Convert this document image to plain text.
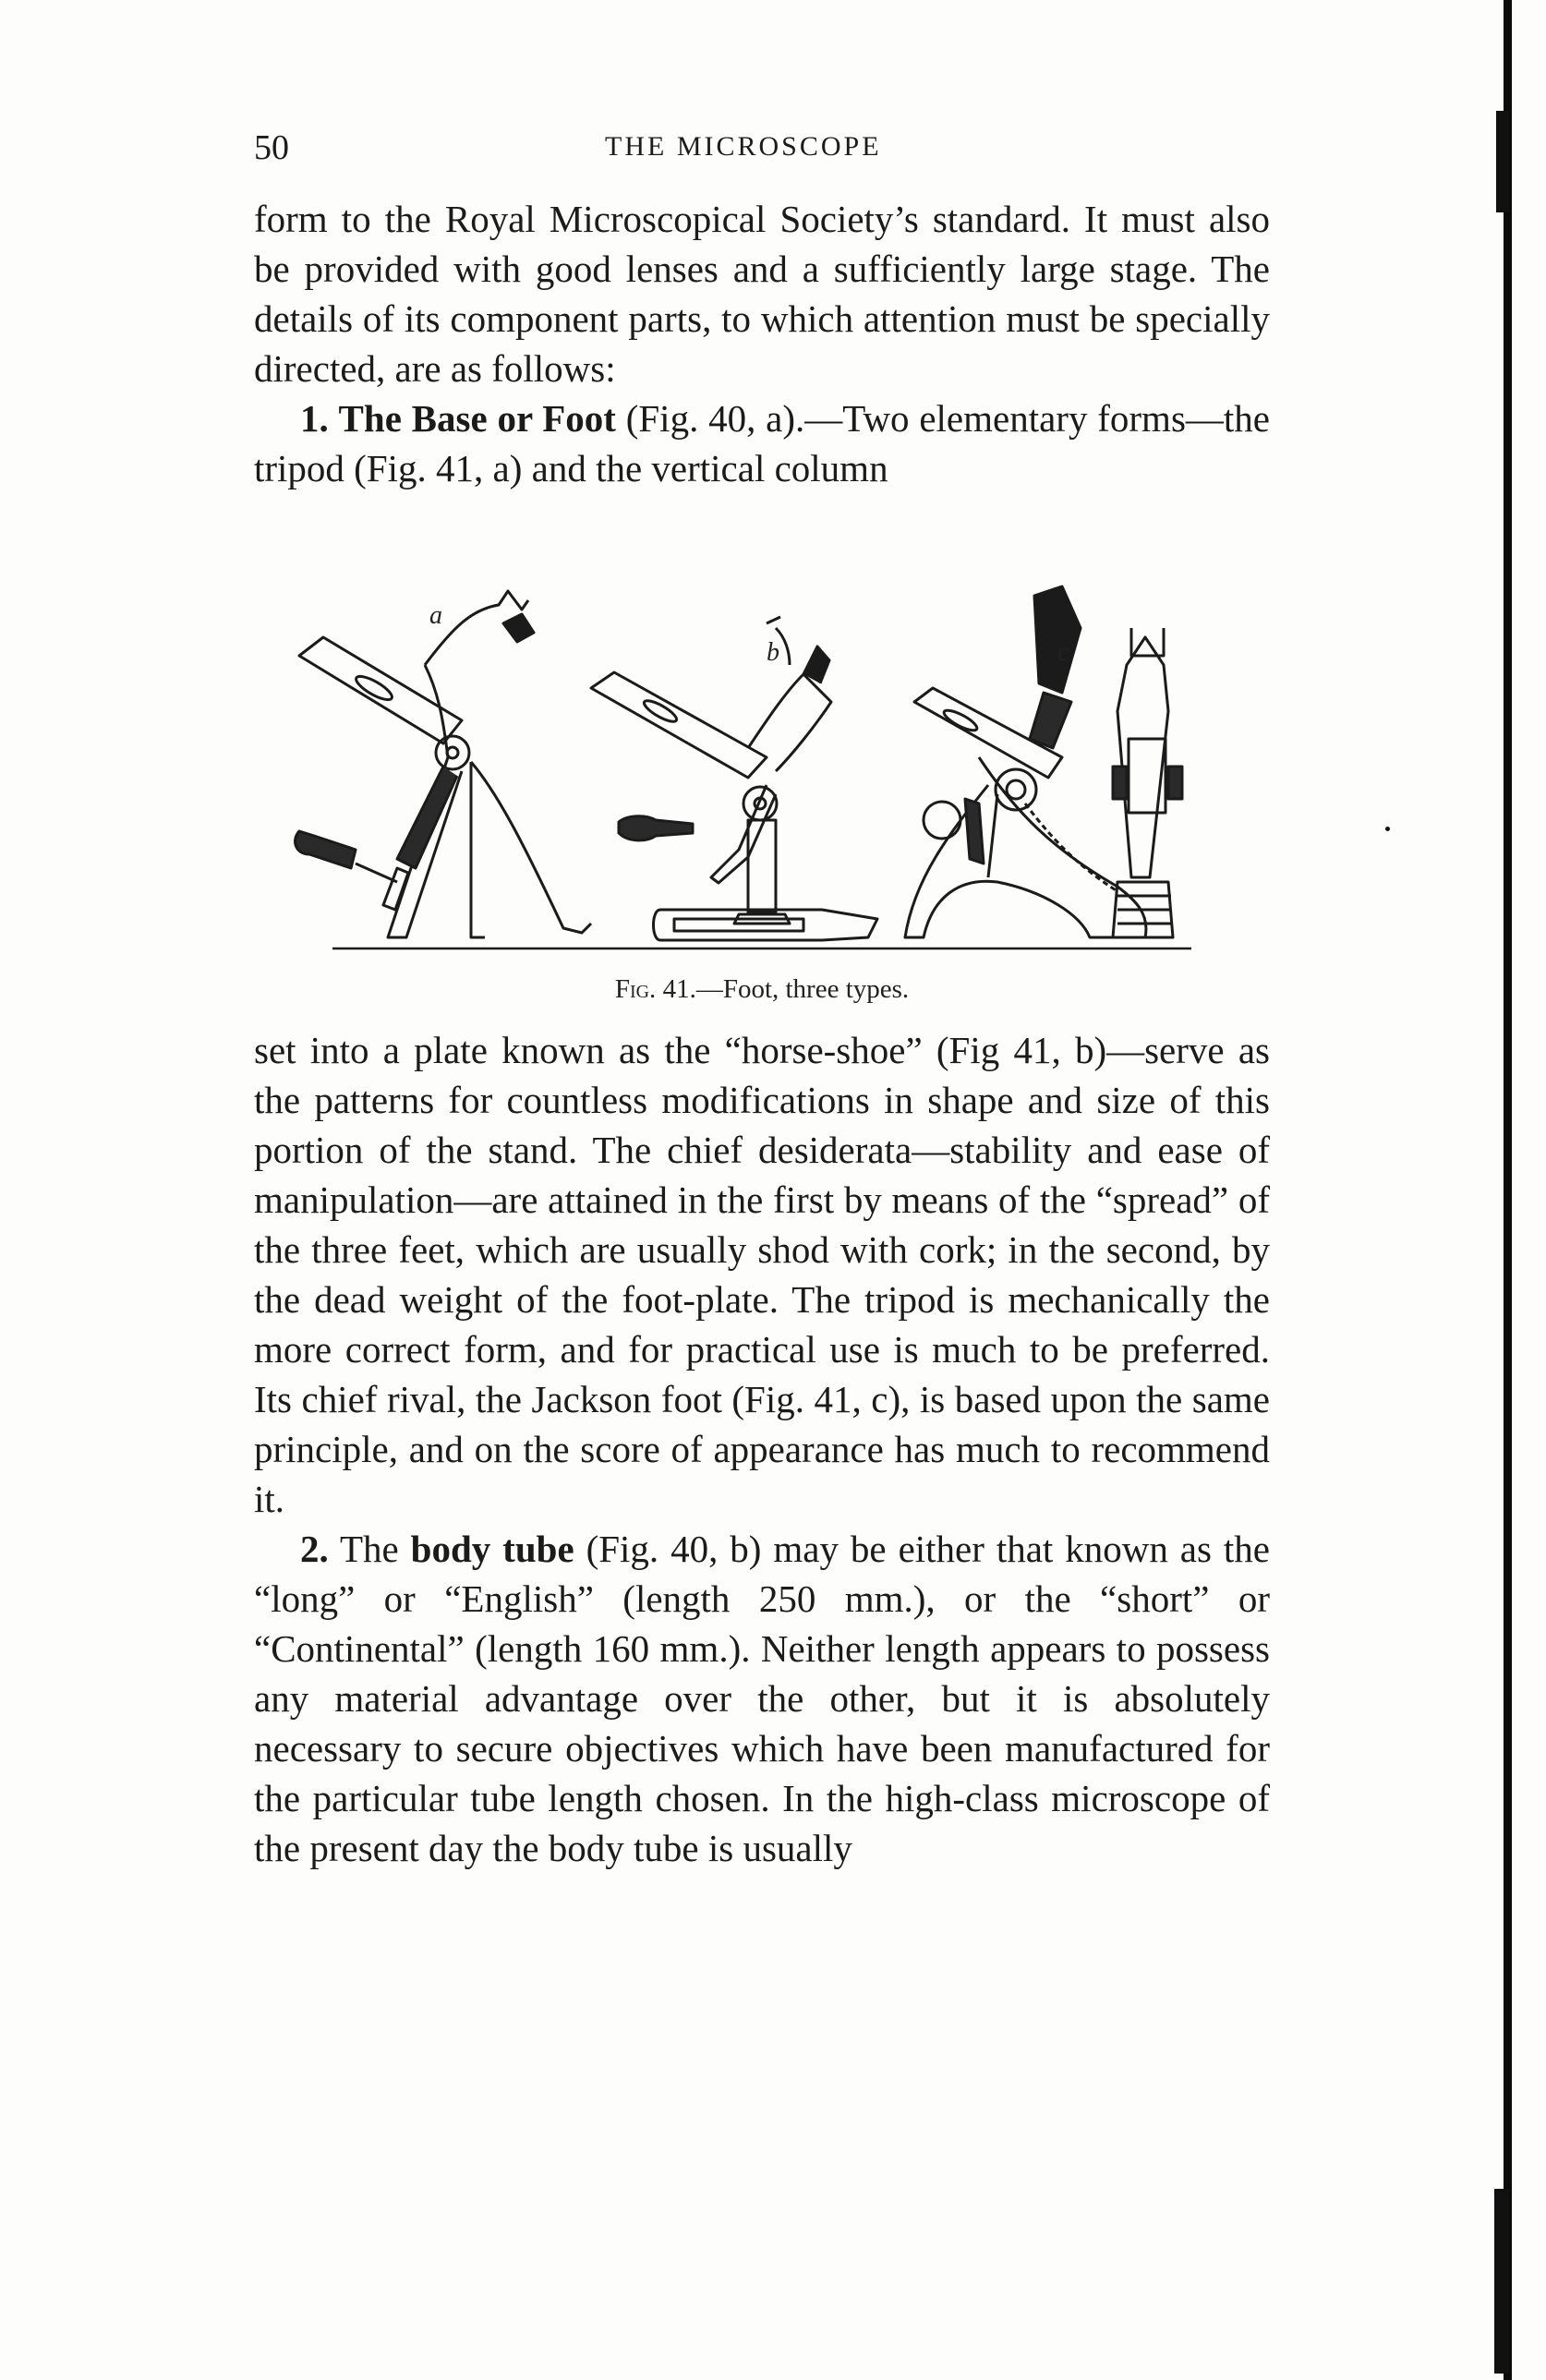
50	THE MICROSCOPE

form to the Royal Microscopical Society’s standard. It must also be provided with good lenses and a sufficiently large stage. The details of its component parts, to which attention must be specially directed, are as follows:

1. The Base or Foot (Fig. 40, a).—Two elementary forms—the tripod (Fig. 41, a) and the vertical column

a
b	c
Fig. 41.—Foot, three types.

set into a plate known as the “horse-shoe” (Fig 41, b)—serve as the patterns for countless modifications in shape and size of this portion of the stand. The chief desiderata—stability and ease of manipulation—are attained in the first by means of the “spread” of the three feet, which are usually shod with cork; in the second, by the dead weight of the foot-plate. The tripod is mechanically the more correct form, and for practical use is much to be preferred. Its chief rival, the Jackson foot (Fig. 41, c), is based upon the same principle, and on the score of appearance has much to recommend it.

2. The body tube (Fig. 40, b) may be either that known as the “long” or “English” (length 250 mm.), or the “short” or “Continental” (length 160 mm.). Neither length appears to possess any material advantage over the other, but it is absolutely necessary to secure objectives which have been manufactured for the particular tube length chosen. In the high-class microscope of the present day the body tube is usually
